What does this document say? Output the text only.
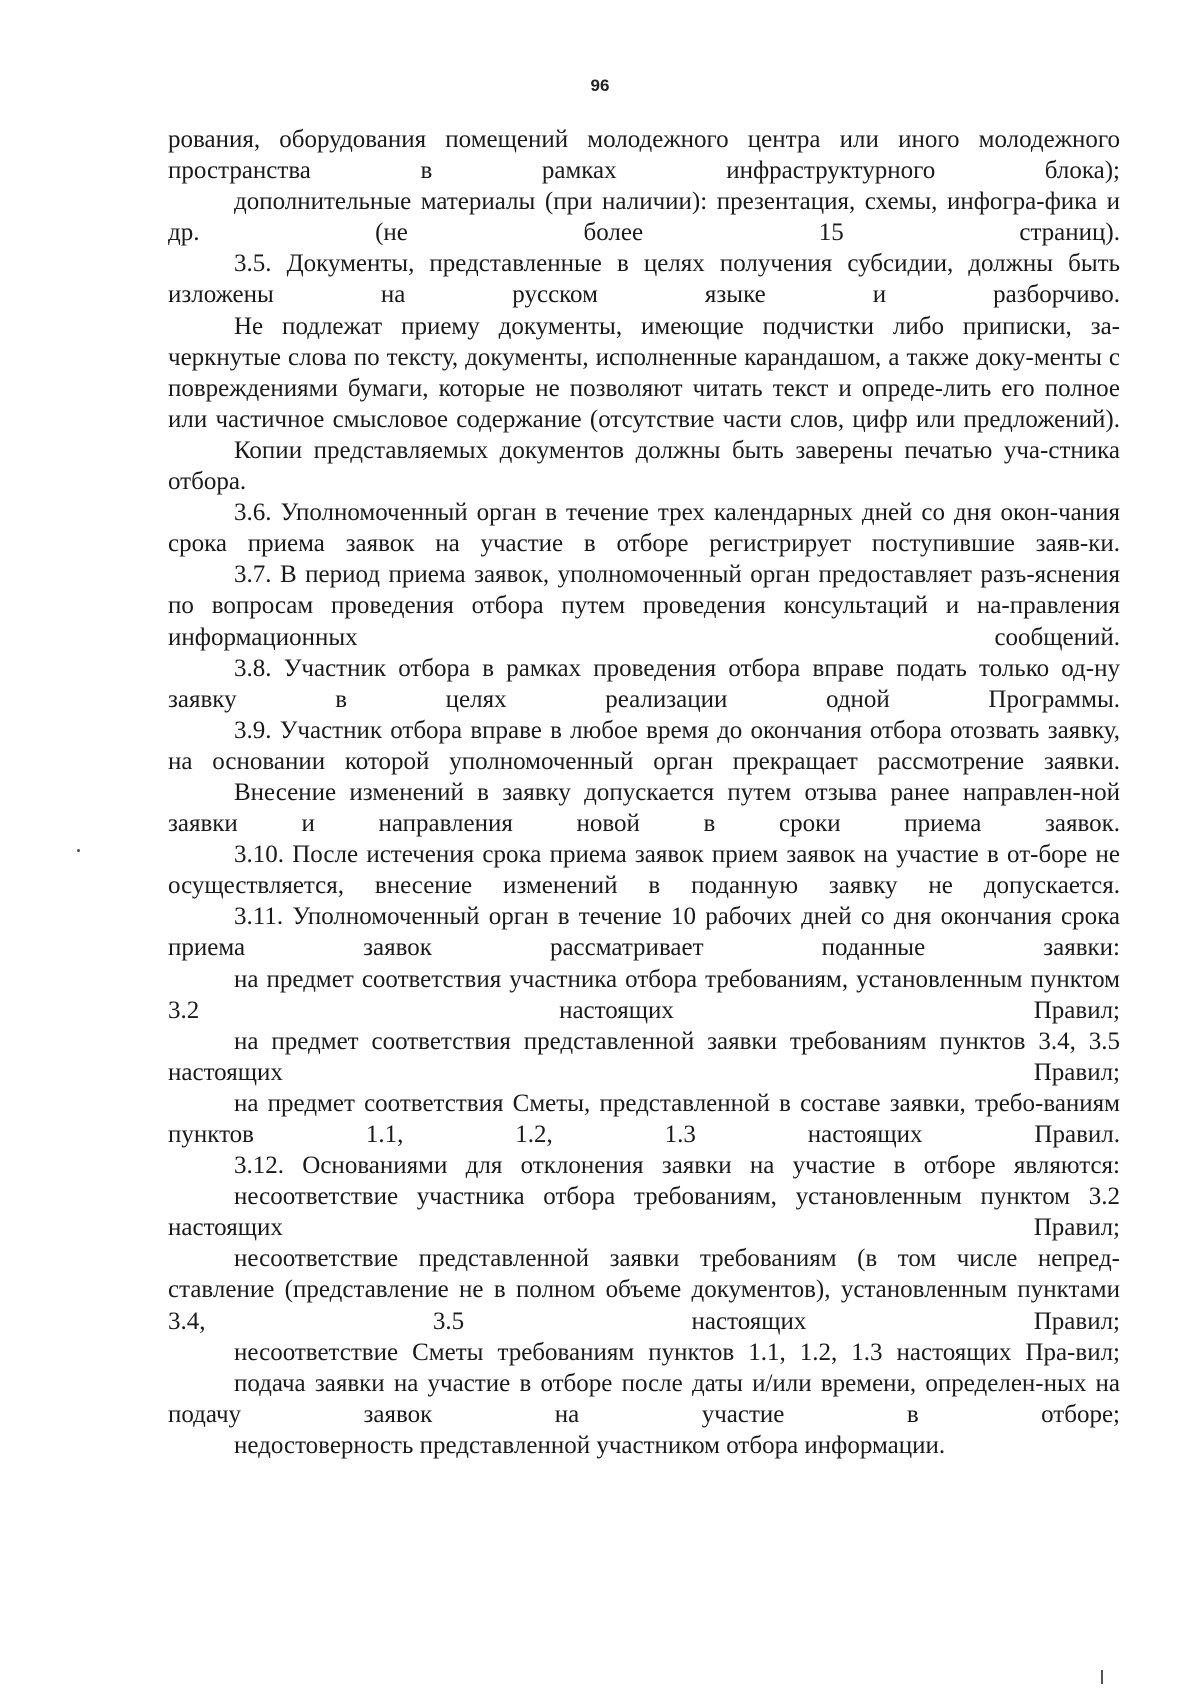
96

рования, оборудования помещений молодежного центра или иного молодежного пространства в рамках инфраструктурного блока);

дополнительные материалы (при наличии): презентация, схемы, инфогра-фика и др. (не более 15 страниц).

3.5. Документы, представленные в целях получения субсидии, должны быть изложены на русском языке и разборчиво.

Не подлежат приему документы, имеющие подчистки либо приписки, за-черкнутые слова по тексту, документы, исполненные карандашом, а также доку-менты с повреждениями бумаги, которые не позволяют читать текст и опреде-лить его полное или частичное смысловое содержание (отсутствие части слов, цифр или предложений).

Копии представляемых документов должны быть заверены печатью уча-стника отбора.

3.6. Уполномоченный орган в течение трех календарных дней со дня окон-чания срока приема заявок на участие в отборе регистрирует поступившие заяв-ки.

3.7. В период приема заявок, уполномоченный орган предоставляет разъ-яснения по вопросам проведения отбора путем проведения консультаций и на-правления информационных сообщений.

3.8. Участник отбора в рамках проведения отбора вправе подать только од-ну заявку в целях реализации одной Программы.

3.9. Участник отбора вправе в любое время до окончания отбора отозвать заявку, на основании которой уполномоченный орган прекращает рассмотрение заявки.

Внесение изменений в заявку допускается путем отзыва ранее направлен-ной заявки и направления новой в сроки приема заявок.

3.10. После истечения срока приема заявок прием заявок на участие в от-боре не осуществляется, внесение изменений в поданную заявку не допускается.

3.11. Уполномоченный орган в течение 10 рабочих дней со дня окончания срока приема заявок рассматривает поданные заявки:

на предмет соответствия участника отбора требованиям, установленным пунктом 3.2 настоящих Правил;

на предмет соответствия представленной заявки требованиям пунктов 3.4, 3.5 настоящих Правил;

на предмет соответствия Сметы, представленной в составе заявки, требо-ваниям пунктов 1.1, 1.2, 1.3 настоящих Правил.

3.12. Основаниями для отклонения заявки на участие в отборе являются:

несоответствие участника отбора требованиям, установленным пунктом 3.2 настоящих Правил;

несоответствие представленной заявки требованиям (в том числе непред-ставление (представление не в полном объеме документов), установленным пунктами 3.4, 3.5 настоящих Правил;

несоответствие Сметы требованиям пунктов 1.1, 1.2, 1.3 настоящих Пра-вил;

подача заявки на участие в отборе после даты и/или времени, определен-ных на подачу заявок на участие в отборе;

недостоверность представленной участником отбора информации.
